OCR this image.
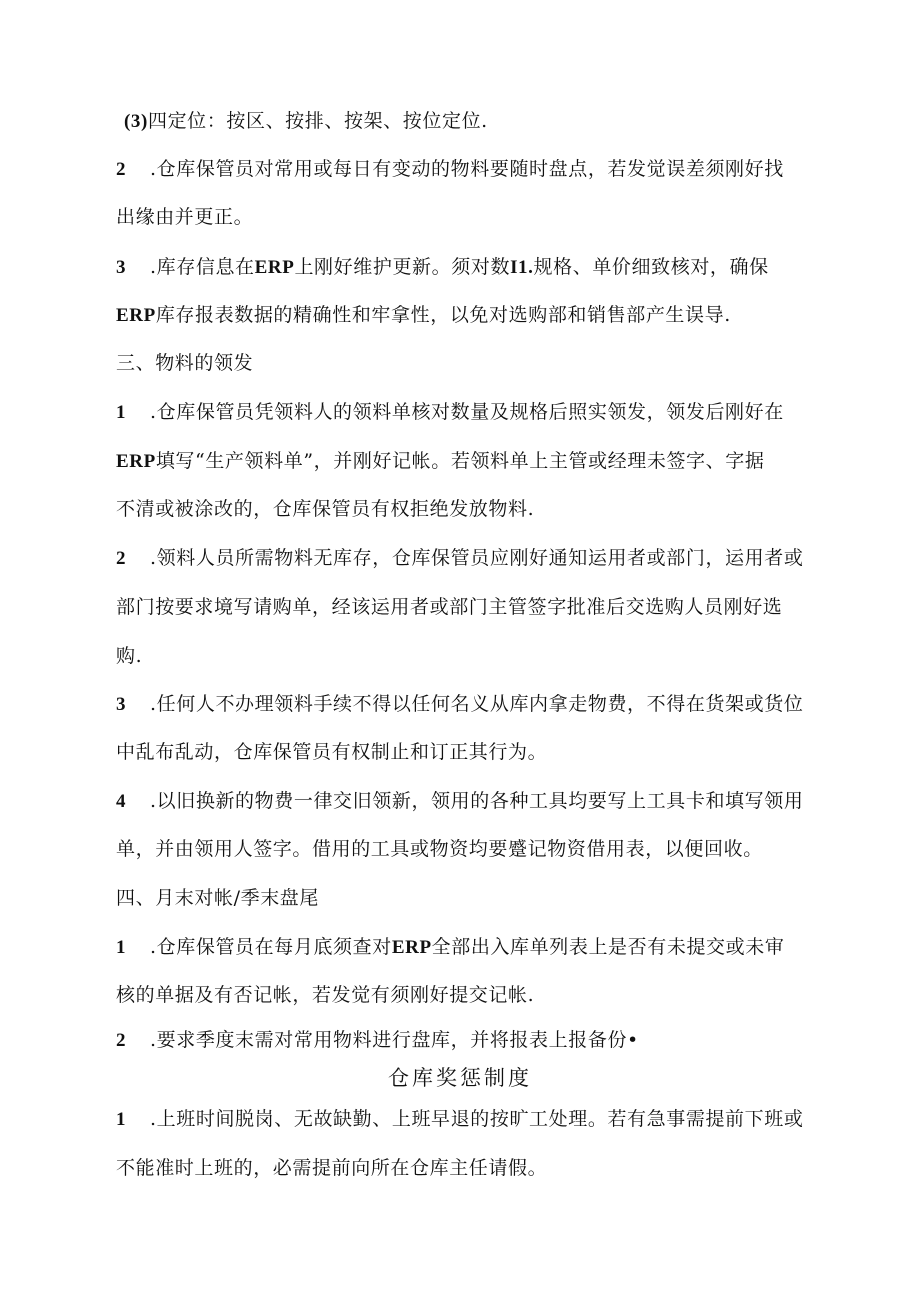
(3)四定位：按区、按排、按架、按位定位.
2 .仓库保管员对常用或每日有变动的物料要随时盘点，若发觉误差须刚好找
出缘由并更正。
3 .库存信息在ERP上刚好维护更新。须对数I1.规格、单价细致核对，确保
ERP库存报表数据的精确性和牢拿性，以免对选购部和销售部产生误导.
三、物料的领发
1 .仓库保管员凭领料人的领料单核对数量及规格后照实领发，领发后刚好在
ERP填写“生产领料单”，并刚好记帐。若领料单上主管或经理未签字、字据
不清或被涂改的，仓库保管员有权拒绝发放物料.
2 .领料人员所需物料无库存，仓库保管员应刚好通知运用者或部门，运用者或
部门按要求境写请购单，经该运用者或部门主管签字批准后交选购人员刚好选
购.
3 .任何人不办理领料手续不得以任何名义从库内拿走物费，不得在货架或货位
中乱布乱动，仓库保管员有权制止和订正其行为。
4 .以旧换新的物费一律交旧领新，领用的各种工具均要写上工具卡和填写领用
单，并由领用人签字。借用的工具或物资均要蹙记物资借用表，以便回收。
四、月末对帐/季末盘尾
1 .仓库保管员在每月底须查对ERP全部出入库单列表上是否有未提交或未审
核的单据及有否记帐，若发觉有须刚好提交记帐.
2 .要求季度末需对常用物料进行盘库，并将报表上报备份•
仓库奖惩制度
1 .上班时间脱岗、无故缺勤、上班早退的按旷工处理。若有急事需提前下班或
不能准时上班的，必需提前向所在仓库主任请假。
